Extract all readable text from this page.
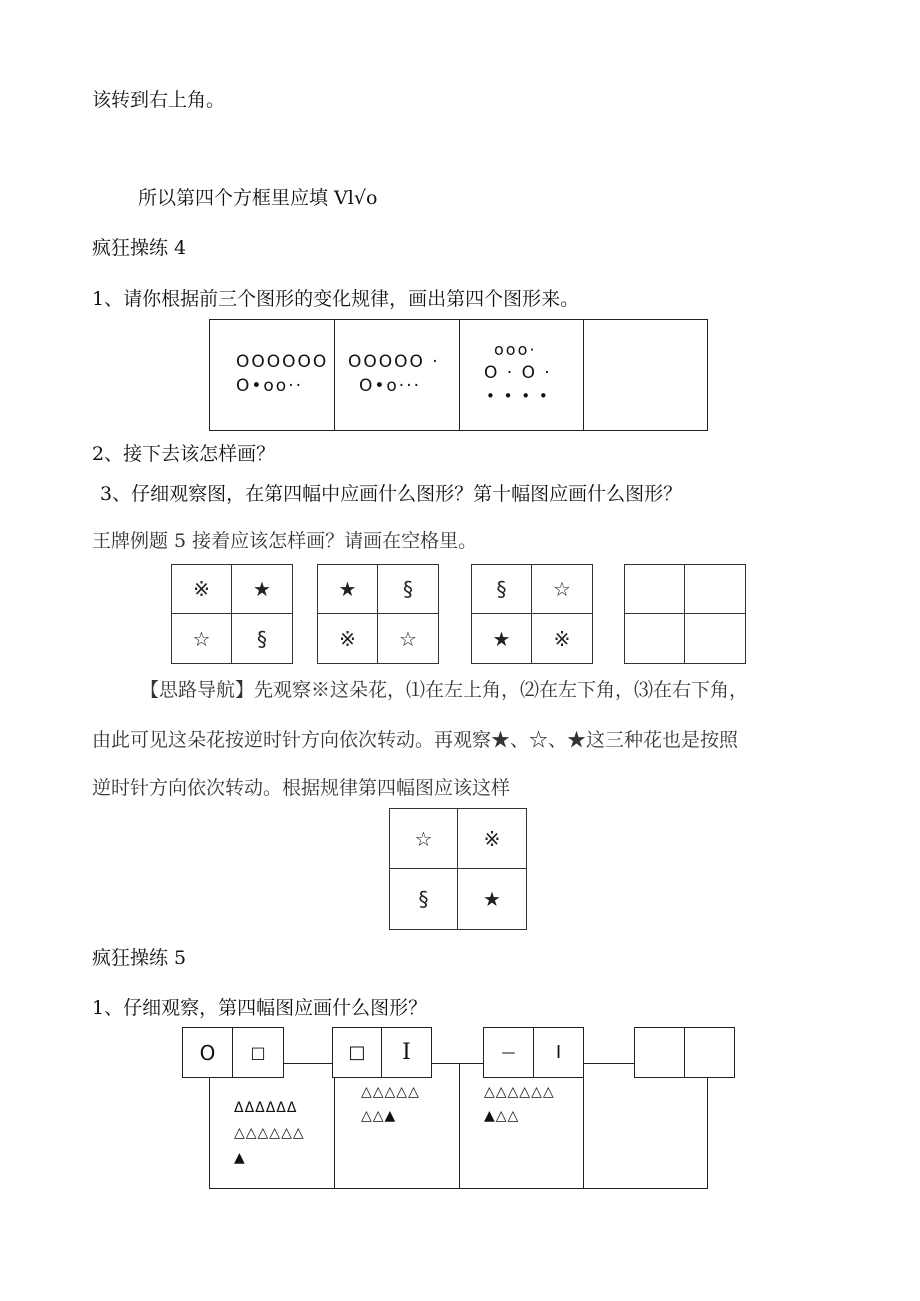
该转到右上角。
所以第四个方框里应填 Vl√o
疯狂操练 4
1、请你根据前三个图形的变化规律，画出第四个图形来。
OOOOOO
O•oo··
OOOOO ·
O•o···
ooo·
O · O ·
• • • •
2、接下去该怎样画？
3、仔细观察图，在第四幅中应画什么图形？第十幅图应画什么图形？
王牌例题 5 接着应该怎样画？请画在空格里。
※	★
☆	§
★	§
※	☆
§	☆
★	※
【思路导航】先观察※这朵花，⑴在左上角，⑵在左下角，⑶在右下角，
由此可见这朵花按逆时针方向依次转动。再观察★、☆、★这三种花也是按照
逆时针方向依次转动。根据规律第四幅图应该这样
☆	※
§	★
疯狂操练 5
1、仔细观察，第四幅图应画什么图形？
ΔΔΔΔΔΔ
△△△△△△
▲
△△△△△
△△▲
△△△△△△
▲△△
O	□	□	I	—	I
